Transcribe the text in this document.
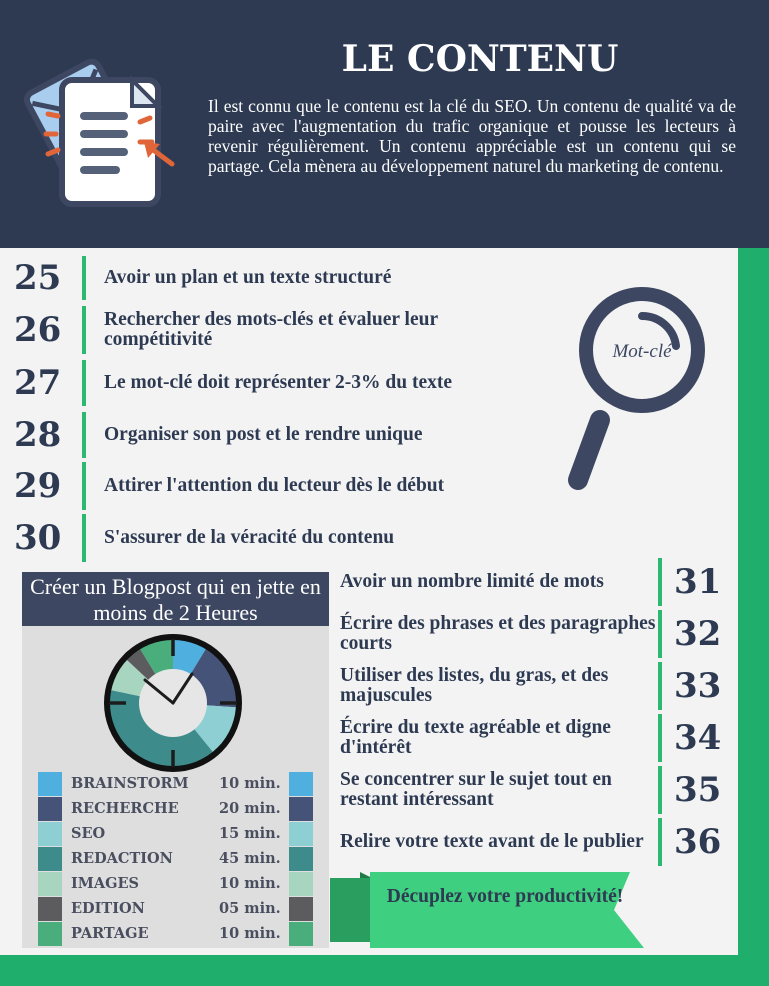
LE CONTENU
Il est connu que le contenu est la clé du SEO. Un contenu de qualité va de paire avec l'augmentation du trafic organique et pousse les lecteurs à revenir régulièrement. Un contenu appréciable est un contenu qui se partage. Cela mènera au développement naturel du marketing de contenu.
25	Avoir un plan et un texte structuré
26	Rechercher des mots-clés et évaluer leur compétitivité
27	Le mot-clé doit représenter 2-3% du texte
28	Organiser son post et le rendre unique
29	Attirer l'attention du lecteur dès le début
30	S'assurer de la véracité du contenu
Mot-clé
Créer un Blogpost qui en jette en moins de 2 Heures
BRAINSTORM	10 min.
RECHERCHE	20 min.
SEO	15 min.
REDACTION	45 min.
IMAGES	10 min.
EDITION	05 min.
PARTAGE	10 min.
Avoir un nombre limité de mots	31
Écrire des phrases et des paragraphes courts	32
Utiliser des listes, du gras, et des majuscules	33
Écrire du texte agréable et digne d'intérêt	34
Se concentrer sur le sujet tout en restant intéressant	35
Relire votre texte avant de le publier 36
Décuplez votre productivité!
